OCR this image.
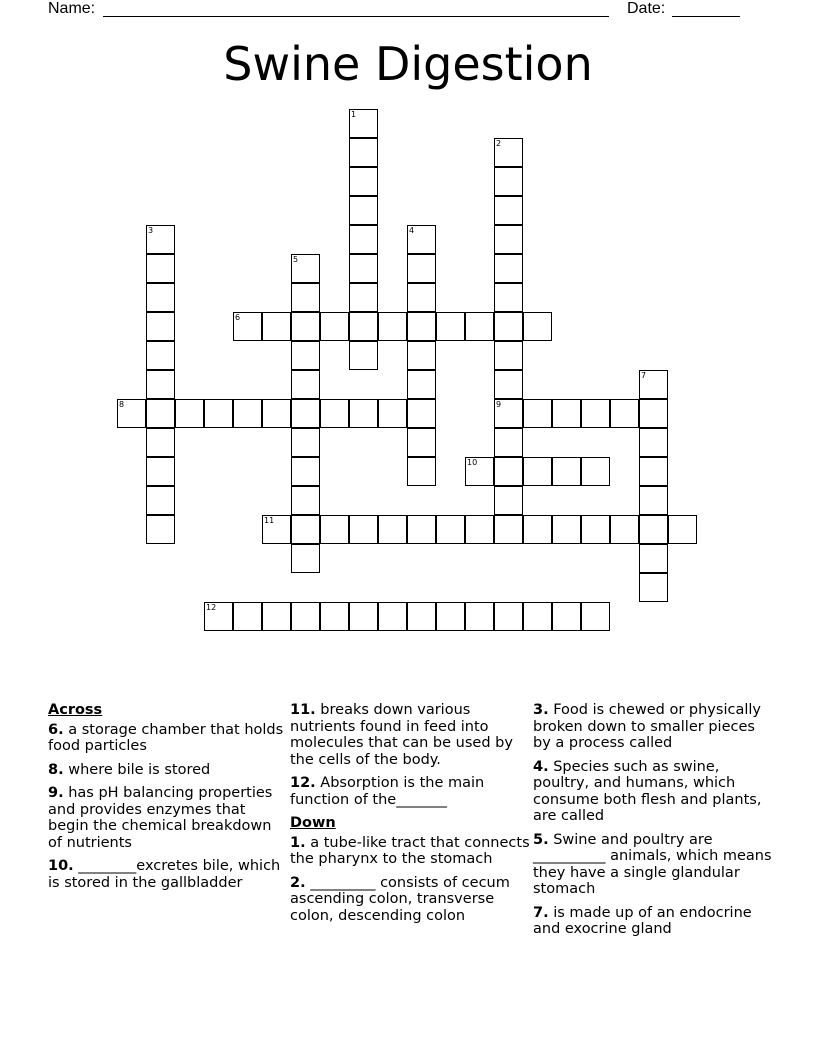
Name:	Date:
Swine Digestion
6
8	9
10
11
12
1
2
3	4
5
7
Across
6. a storage chamber that holds food particles
8. where bile is stored
9. has pH balancing properties and provides enzymes that begin the chemical breakdown of nutrients
10. ________excretes bile, which is stored in the gallbladder
11. breaks down various nutrients found in feed into molecules that can be used by the cells of the body.
12. Absorption is the main function of the_______
Down
1. a tube-like tract that connects the pharynx to the stomach
2. _________ consists of cecum ascending colon, transverse colon, descending colon
3. Food is chewed or physically broken down to smaller pieces by a process called
4. Species such as swine, poultry, and humans, which consume both flesh and plants, are called
5. Swine and poultry are __________ animals, which means they have a single glandular stomach
7. is made up of an endocrine and exocrine gland
